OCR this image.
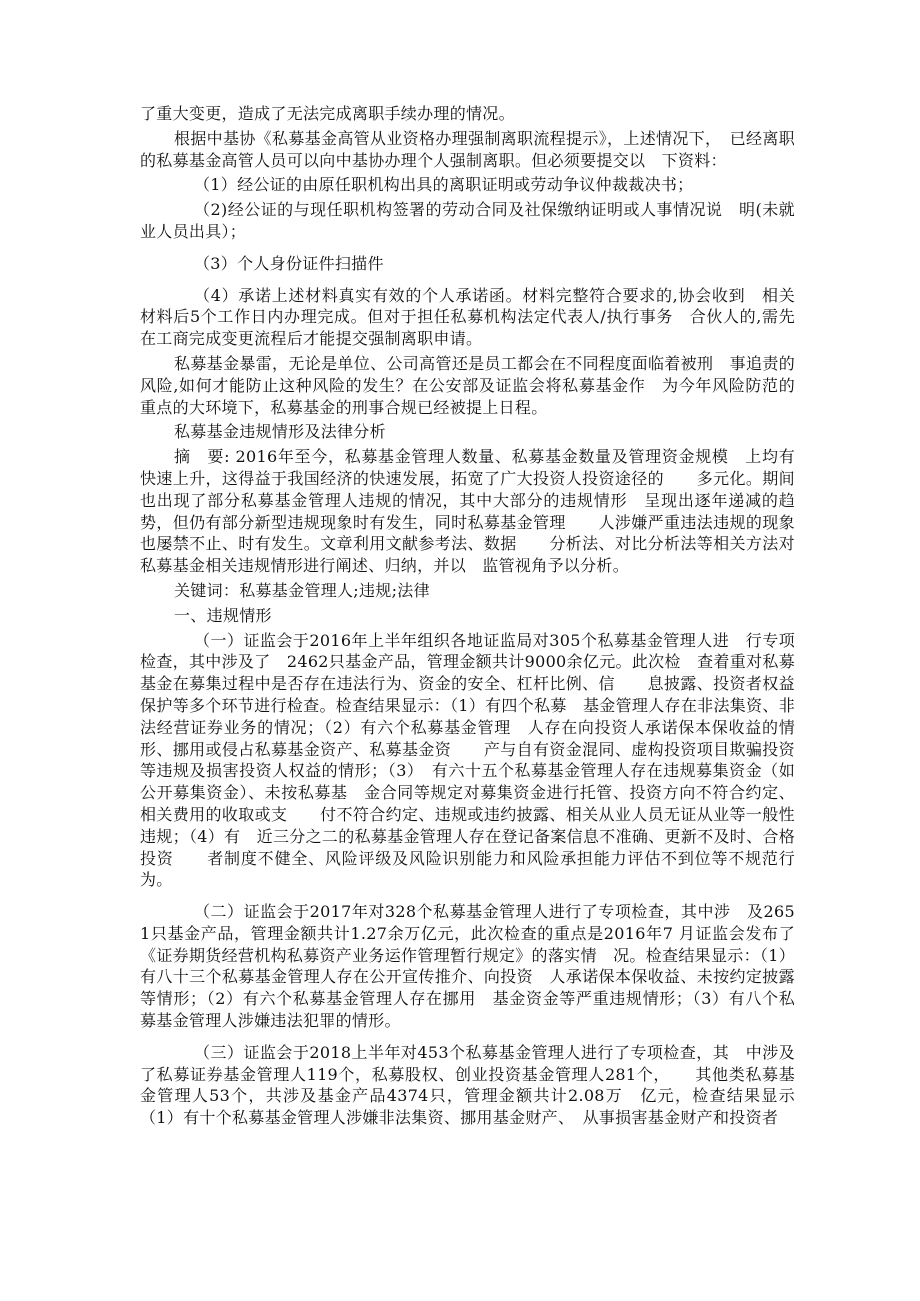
了重大变更，造成了无法完成离职手续办理的情况。

根据中基协《私募基金高管从业资格办理强制离职流程提示》，上述情况下，　已经离职的私募基金高管人员可以向中基协办理个人强制离职。但必须要提交以　下资料：

（1）经公证的由原任职机构出具的离职证明或劳动争议仲裁裁决书；

（2)经公证的与现任职机构签署的劳动合同及社保缴纳证明或人事情况说　明(未就业人员出具）；

（3）个人身份证件扫描件

（4）承诺上述材料真实有效的个人承诺函。材料完整符合要求的,协会收到　相关材料后5个工作日内办理完成。但对于担任私募机构法定代表人/执行事务　合伙人的,需先在工商完成变更流程后才能提交强制离职申请。

私募基金暴雷，无论是单位、公司高管还是员工都会在不同程度面临着被刑　事追责的风险,如何才能防止这种风险的发生？在公安部及证监会将私募基金作　为今年风险防范的重点的大环境下，私募基金的刑事合规已经被提上日程。

私募基金违规情形及法律分析

摘　要: 2016年至今，私募基金管理人数量、私募基金数量及管理资金规模　上均有快速上升，这得益于我国经济的快速发展，拓宽了广大投资人投资途径的　　多元化。期间也出现了部分私募基金管理人违规的情况，其中大部分的违规情形　呈现出逐年递减的趋势，但仍有部分新型违规现象时有发生，同时私募基金管理　　人涉嫌严重违法违规的现象也屡禁不止、时有发生。文章利用文献参考法、数据　　分析法、对比分析法等相关方法对私募基金相关违规情形进行阐述、归纳，并以　监管视角予以分析。

关键词：私募基金管理人;违规;法律

一、违规情形

（一）证监会于2016年上半年组织各地证监局对305个私募基金管理人进　行专项检查，其中涉及了　2462只基金产品，管理金额共计9000余亿元。此次检　查着重对私募基金在募集过程中是否存在违法行为、资金的安全、杠杆比例、信　　息披露、投资者权益保护等多个环节进行检查。检查结果显示：（1）有四个私募　基金管理人存在非法集资、非法经营证券业务的情况；（2）有六个私募基金管理　人存在向投资人承诺保本保收益的情形、挪用或侵占私募基金资产、私募基金资　　产与自有资金混同、虚构投资项目欺骗投资等违规及损害投资人权益的情形；（3）　有六十五个私募基金管理人存在违规募集资金（如公开募集资金）、未按私募基　金合同等规定对募集资金进行托管、投资方向不符合约定、相关费用的收取或支　　付不符合约定、违规或违约披露、相关从业人员无证从业等一般性违规；（4）有　近三分之二的私募基金管理人存在登记备案信息不准确、更新不及时、合格投资　　者制度不健全、风险评级及风险识别能力和风险承担能力评估不到位等不规范行　为。

（二）证监会于2017年对328个私募基金管理人进行了专项检查，其中涉　及2651只基金产品，管理金额共计1.27余万亿元，此次检查的重点是2016年7 月证监会发布了《证券期货经营机构私募资产业务运作管理暂行规定》的落实情　况。检查结果显示：（1）有八十三个私募基金管理人存在公开宣传推介、向投资　人承诺保本保收益、未按约定披露等情形；（2）有六个私募基金管理人存在挪用　基金资金等严重违规情形；（3）有八个私募基金管理人涉嫌违法犯罪的情形。

（三）证监会于2018上半年对453个私募基金管理人进行了专项检查，其　中涉及了私募证券基金管理人119个，私募股权、创业投资基金管理人281个，　　其他类私募基金管理人53个，共涉及基金产品4374只，管理金额共计2.08万　亿元，检查结果显示（1）有十个私募基金管理人涉嫌非法集资、挪用基金财产、　从事损害基金财产和投资者
